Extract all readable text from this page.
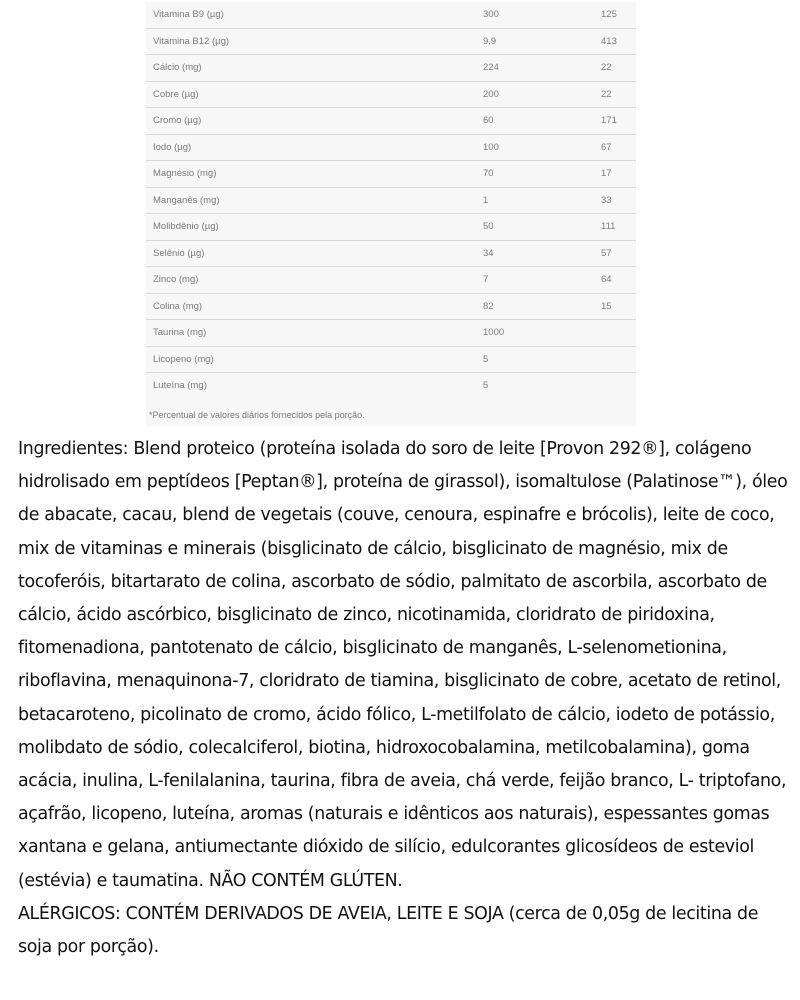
Vitamina B9 (µg)	300	125
Vitamina B12 (µg)	9,9	413
Cálcio (mg)	224	22
Cobre (µg)	200	22
Cromo (µg)	60	171
Iodo (µg)	100	67
Magnésio (mg)	70	17
Manganês (mg)	1	33
Molibdênio (µg)	50	111
Selênio (µg)	34	57
Zinco (mg)	7	64
Colina (mg)	82	15
Taurina (mg)	1000	
Licopeno (mg)	5	
Luteína (mg)	5	
*Percentual de valores diários fornecidos pela porção.

Ingredientes: Blend proteico (proteína isolada do soro de leite [Provon 292®], colágeno hidrolisado em peptídeos [Peptan®], proteína de girassol), isomaltulose (Palatinose™), óleo de abacate, cacau, blend de vegetais (couve, cenoura, espinafre e brócolis), leite de coco, mix de vitaminas e minerais (bisglicinato de cálcio, bisglicinato de magnésio, mix de tocoferóis, bitartarato de colina, ascorbato de sódio, palmitato de ascorbila, ascorbato de cálcio, ácido ascórbico, bisglicinato de zinco, nicotinamida, cloridrato de piridoxina, fitomenadiona, pantotenato de cálcio, bisglicinato de manganês, L-selenometionina, riboflavina, menaquinona-7, cloridrato de tiamina, bisglicinato de cobre, acetato de retinol, betacaroteno, picolinato de cromo, ácido fólico, L-metilfolato de cálcio, iodeto de potássio, molibdato de sódio, colecalciferol, biotina, hidroxocobalamina, metilcobalamina), goma acácia, inulina, L-fenilalanina, taurina, fibra de aveia, chá verde, feijão branco, L- triptofano, açafrão, licopeno, luteína, aromas (naturais e idênticos aos naturais), espessantes gomas xantana e gelana, antiumectante dióxido de silício, edulcorantes glicosídeos de esteviol (estévia) e taumatina. NÃO CONTÉM GLÚTEN.

ALÉRGICOS: CONTÉM DERIVADOS DE AVEIA, LEITE E SOJA (cerca de 0,05g de lecitina de soja por porção).
